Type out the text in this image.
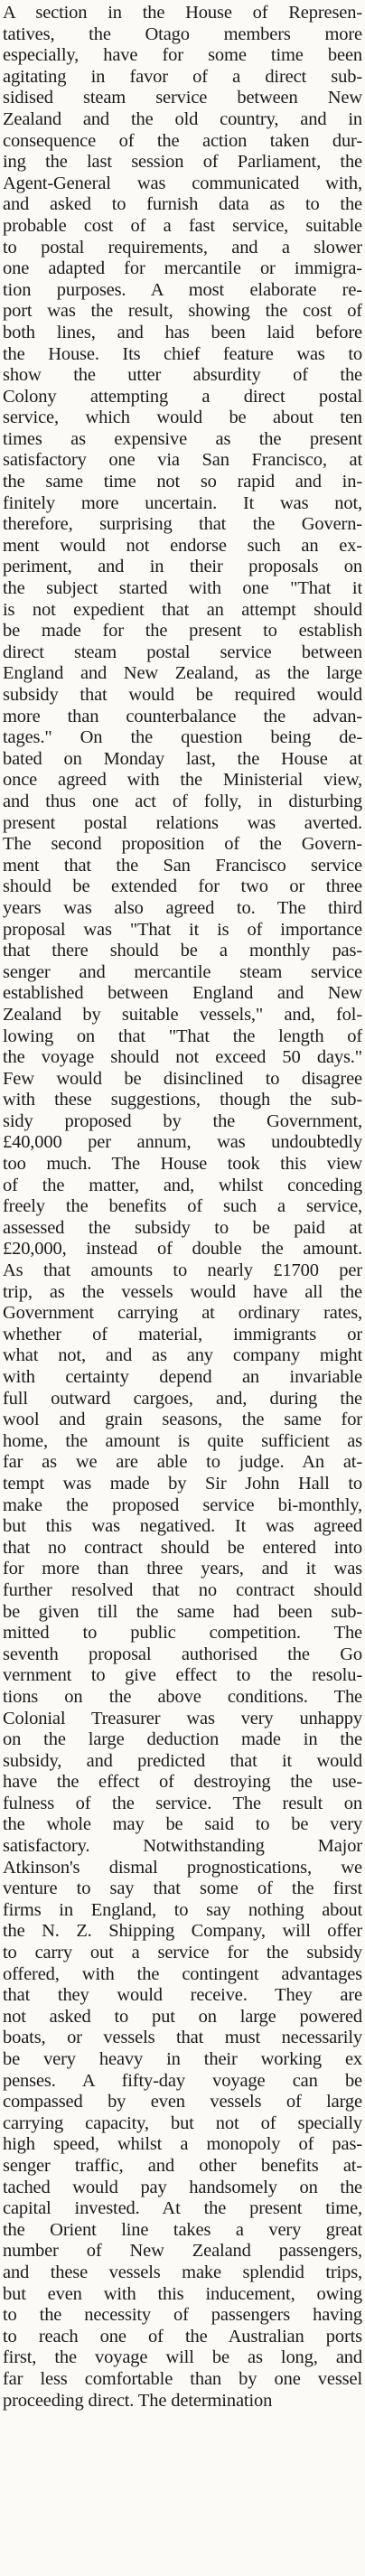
A section in the House of Represen-
tatives, the Otago members more
especially, have for some time been
agitating in favor of a direct sub-
sidised steam service between New
Zealand and the old country, and in
consequence of the action taken dur-
ing the last session of Parliament, the
Agent-General was communicated with,
and asked to furnish data as to the
probable cost of a fast service, suitable
to postal requirements, and a slower
one adapted for mercantile or immigra-
tion purposes. A most elaborate re-
port was the result, showing the cost of
both lines, and has been laid before
the House. Its chief feature was to
show the utter absurdity of the
Colony attempting a direct postal
service, which would be about ten
times as expensive as the present
satisfactory one via San Francisco, at
the same time not so rapid and in-
finitely more uncertain. It was not,
therefore, surprising that the Govern-
ment would not endorse such an ex-
periment, and in their proposals on
the subject started with one "That it
is not expedient that an attempt should
be made for the present to establish
direct steam postal service between
England and New Zealand, as the large
subsidy that would be required would
more than counterbalance the advan-
tages." On the question being de-
bated on Monday last, the House at
once agreed with the Ministerial view,
and thus one act of folly, in disturbing
present postal relations was averted.
The second proposition of the Govern-
ment that the San Francisco service
should be extended for two or three
years was also agreed to. The third
proposal was "That it is of importance
that there should be a monthly pas-
senger and mercantile steam service
established between England and New
Zealand by suitable vessels," and, fol-
lowing on that "That the length of
the voyage should not exceed 50 days."
Few would be disinclined to disagree
with these suggestions, though the sub-
sidy proposed by the Government,
£40,000 per annum, was undoubtedly
too much. The House took this view
of the matter, and, whilst conceding
freely the benefits of such a service,
assessed the subsidy to be paid at
£20,000, instead of double the amount.
As that amounts to nearly £1700 per
trip, as the vessels would have all the
Government carrying at ordinary rates,
whether of material, immigrants or
what not, and as any company might
with certainty depend an invariable
full outward cargoes, and, during the
wool and grain seasons, the same for
home, the amount is quite sufficient as
far as we are able to judge. An at-
tempt was made by Sir John Hall to
make the proposed service bi-monthly,
but this was negatived. It was agreed
that no contract should be entered into
for more than three years, and it was
further resolved that no contract should
be given till the same had been sub-
mitted to public competition. The
seventh proposal authorised the Go
vernment to give effect to the resolu-
tions on the above conditions. The
Colonial Treasurer was very unhappy
on the large deduction made in the
subsidy, and predicted that it would
have the effect of destroying the use-
fulness of the service. The result on
the whole may be said to be very
satisfactory. Notwithstanding Major
Atkinson's dismal prognostications, we
venture to say that some of the first
firms in England, to say nothing about
the N. Z. Shipping Company, will offer
to carry out a service for the subsidy
offered, with the contingent advantages
that they would receive. They are
not asked to put on large powered
boats, or vessels that must necessarily
be very heavy in their working ex
penses. A fifty-day voyage can be
compassed by even vessels of large
carrying capacity, but not of specially
high speed, whilst a monopoly of pas-
senger traffic, and other benefits at-
tached would pay handsomely on the
capital invested. At the present time,
the Orient line takes a very great
number of New Zealand passengers,
and these vessels make splendid trips,
but even with this inducement, owing
to the necessity of passengers having
to reach one of the Australian ports
first, the voyage will be as long, and
far less comfortable than by one vessel
proceeding direct. The determination
